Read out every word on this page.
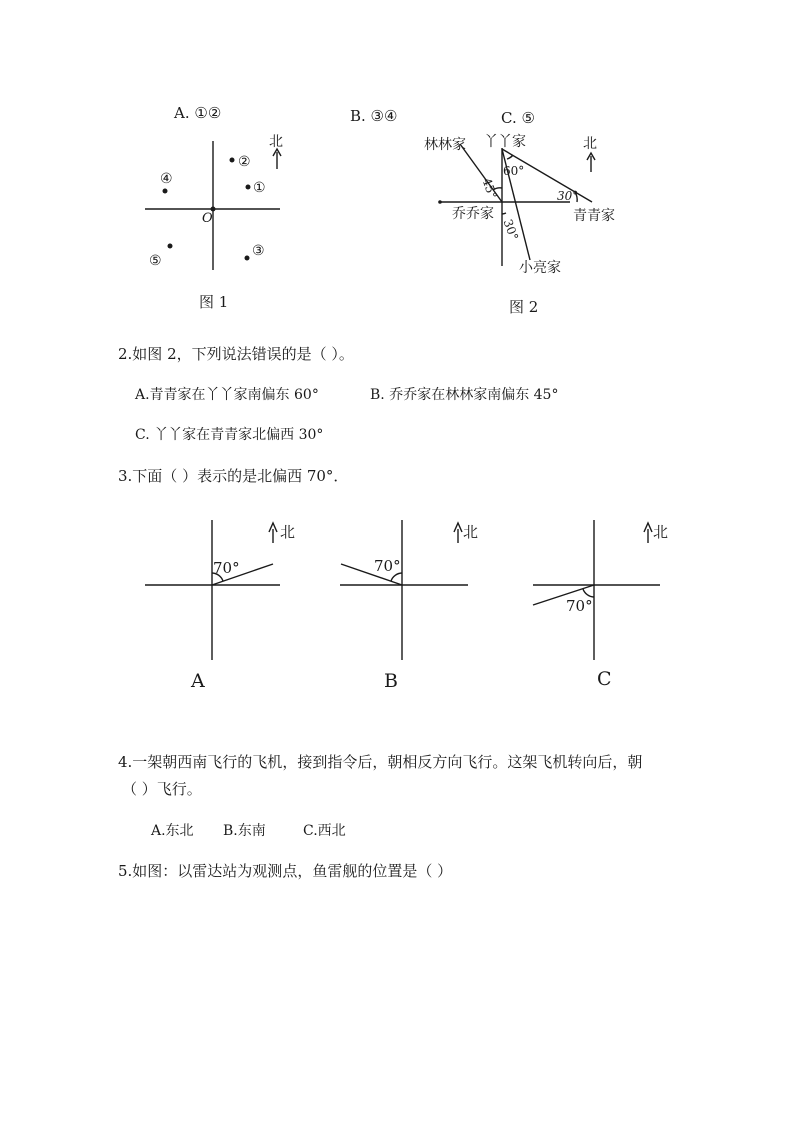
A. ①②	B. ③④	C. ⑤
O
北
①
②
③
④
⑤
图 1
北
60°
45°	30°
30°
林林家 丫丫家
乔乔家	青青家
小亮家
图 2
2.如图 2，下列说法错误的是（ ）。
A.青青家在丫丫家南偏东 60°	B. 乔乔家在林林家南偏东 45°
C. 丫丫家在青青家北偏西 30°
3.下面（ ）表示的是北偏西 70°．
北
70°
A
北
70°
B
北
70°
C
4.一架朝西南飞行的飞机，接到指令后，朝相反方向飞行。这架飞机转向后，朝
（ ）飞行。
A.东北 B.东南	C.西北
5.如图：以雷达站为观测点，鱼雷舰的位置是（ ）
